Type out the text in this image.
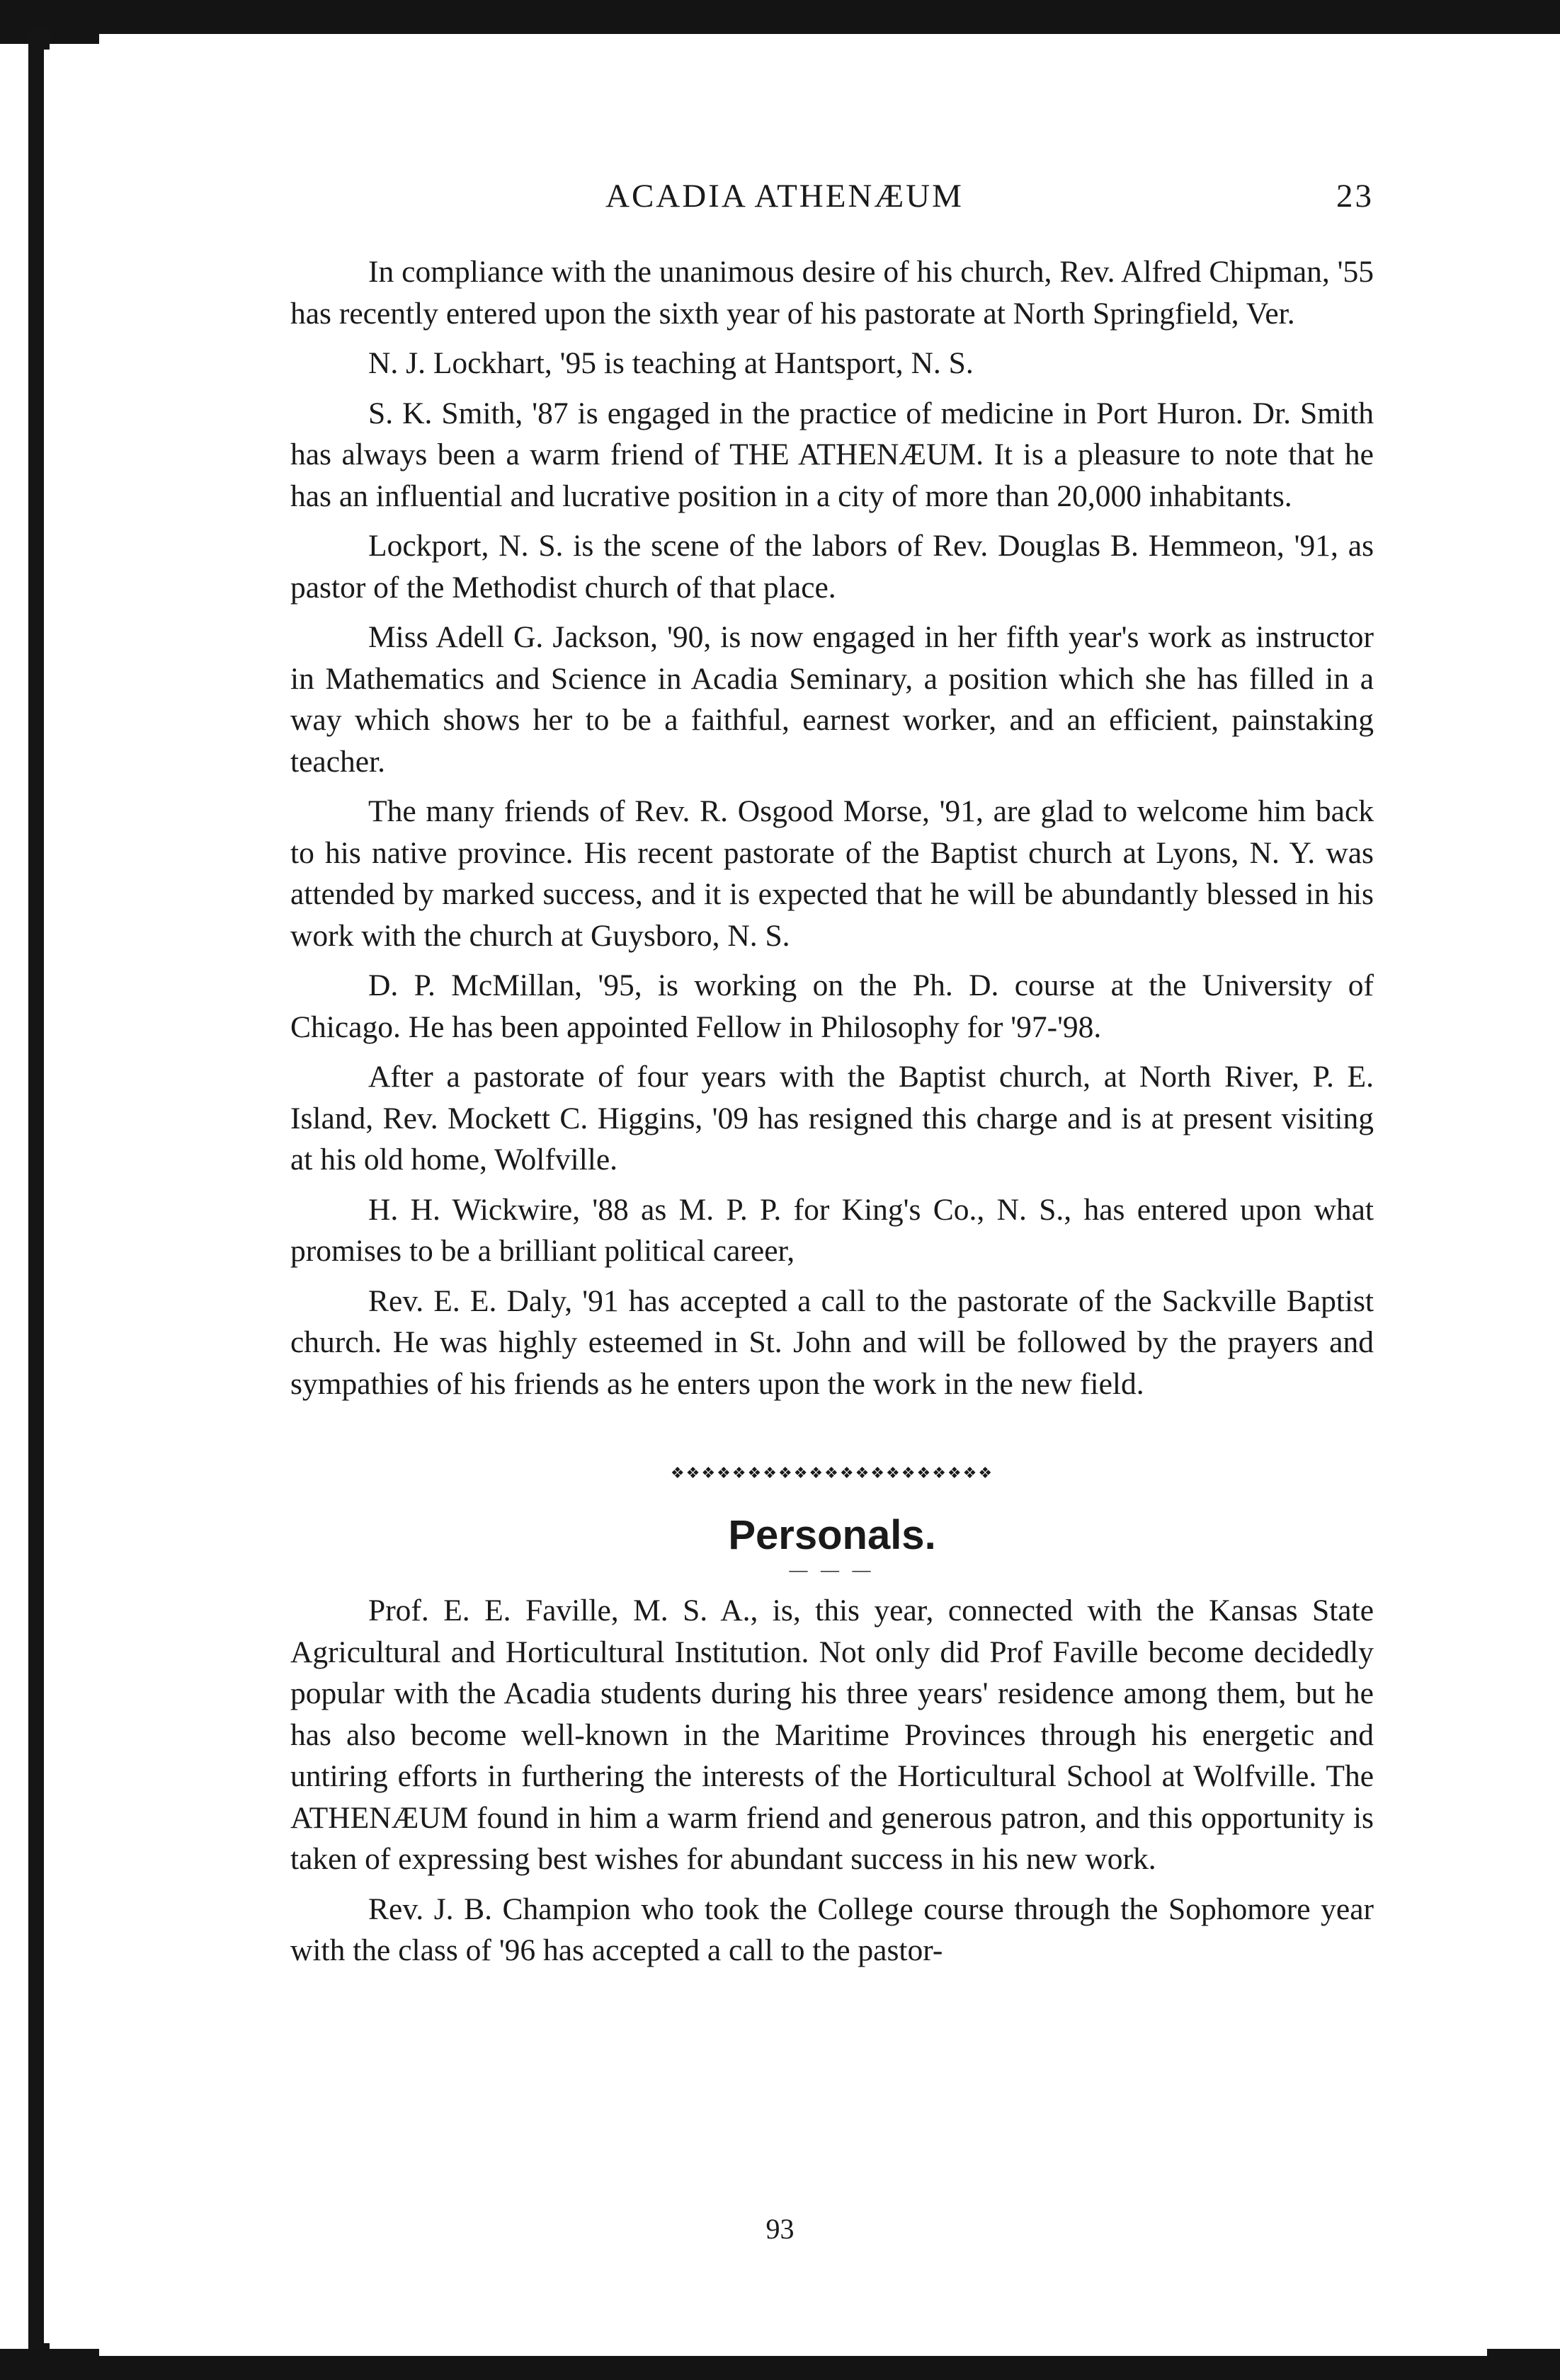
ACADIA ATHENÆUM	23

In compliance with the unanimous desire of his church, Rev. Alfred Chipman, '55 has recently entered upon the sixth year of his pastorate at North Springfield, Ver.

N. J. Lockhart, '95 is teaching at Hantsport, N. S.

S. K. Smith, '87 is engaged in the practice of medicine in Port Huron. Dr. Smith has always been a warm friend of THE ATHENÆUM. It is a pleasure to note that he has an influential and lucrative position in a city of more than 20,000 inhabitants.

Lockport, N. S. is the scene of the labors of Rev. Douglas B. Hemmeon, '91, as pastor of the Methodist church of that place.

Miss Adell G. Jackson, '90, is now engaged in her fifth year's work as instructor in Mathematics and Science in Acadia Seminary, a position which she has filled in a way which shows her to be a faithful, earnest worker, and an efficient, painstaking teacher.

The many friends of Rev. R. Osgood Morse, '91, are glad to welcome him back to his native province. His recent pastorate of the Baptist church at Lyons, N. Y. was attended by marked success, and it is expected that he will be abundantly blessed in his work with the church at Guysboro, N. S.

D. P. McMillan, '95, is working on the Ph. D. course at the University of Chicago. He has been appointed Fellow in Philosophy for '97-'98.

After a pastorate of four years with the Baptist church, at North River, P. E. Island, Rev. Mockett C. Higgins, '09 has resigned this charge and is at present visiting at his old home, Wolfville.

H. H. Wickwire, '88 as M. P. P. for King's Co., N. S., has entered upon what promises to be a brilliant political career,

Rev. E. E. Daly, '91 has accepted a call to the pastorate of the Sackville Baptist church. He was highly esteemed in St. John and will be followed by the prayers and sympathies of his friends as he enters upon the work in the new field.

❖❖❖❖❖❖❖❖❖❖❖❖❖❖❖❖❖❖❖❖❖
Personals.
— — —

Prof. E. E. Faville, M. S. A., is, this year, connected with the Kansas State Agricultural and Horticultural Institution. Not only did Prof Faville become decidedly popular with the Acadia students during his three years' residence among them, but he has also become well-known in the Maritime Provinces through his energetic and untiring efforts in furthering the interests of the Horticultural School at Wolfville. The ATHENÆUM found in him a warm friend and generous patron, and this opportunity is taken of expressing best wishes for abundant success in his new work.

Rev. J. B. Champion who took the College course through the Sophomore year with the class of '96 has accepted a call to the pastor-

93
